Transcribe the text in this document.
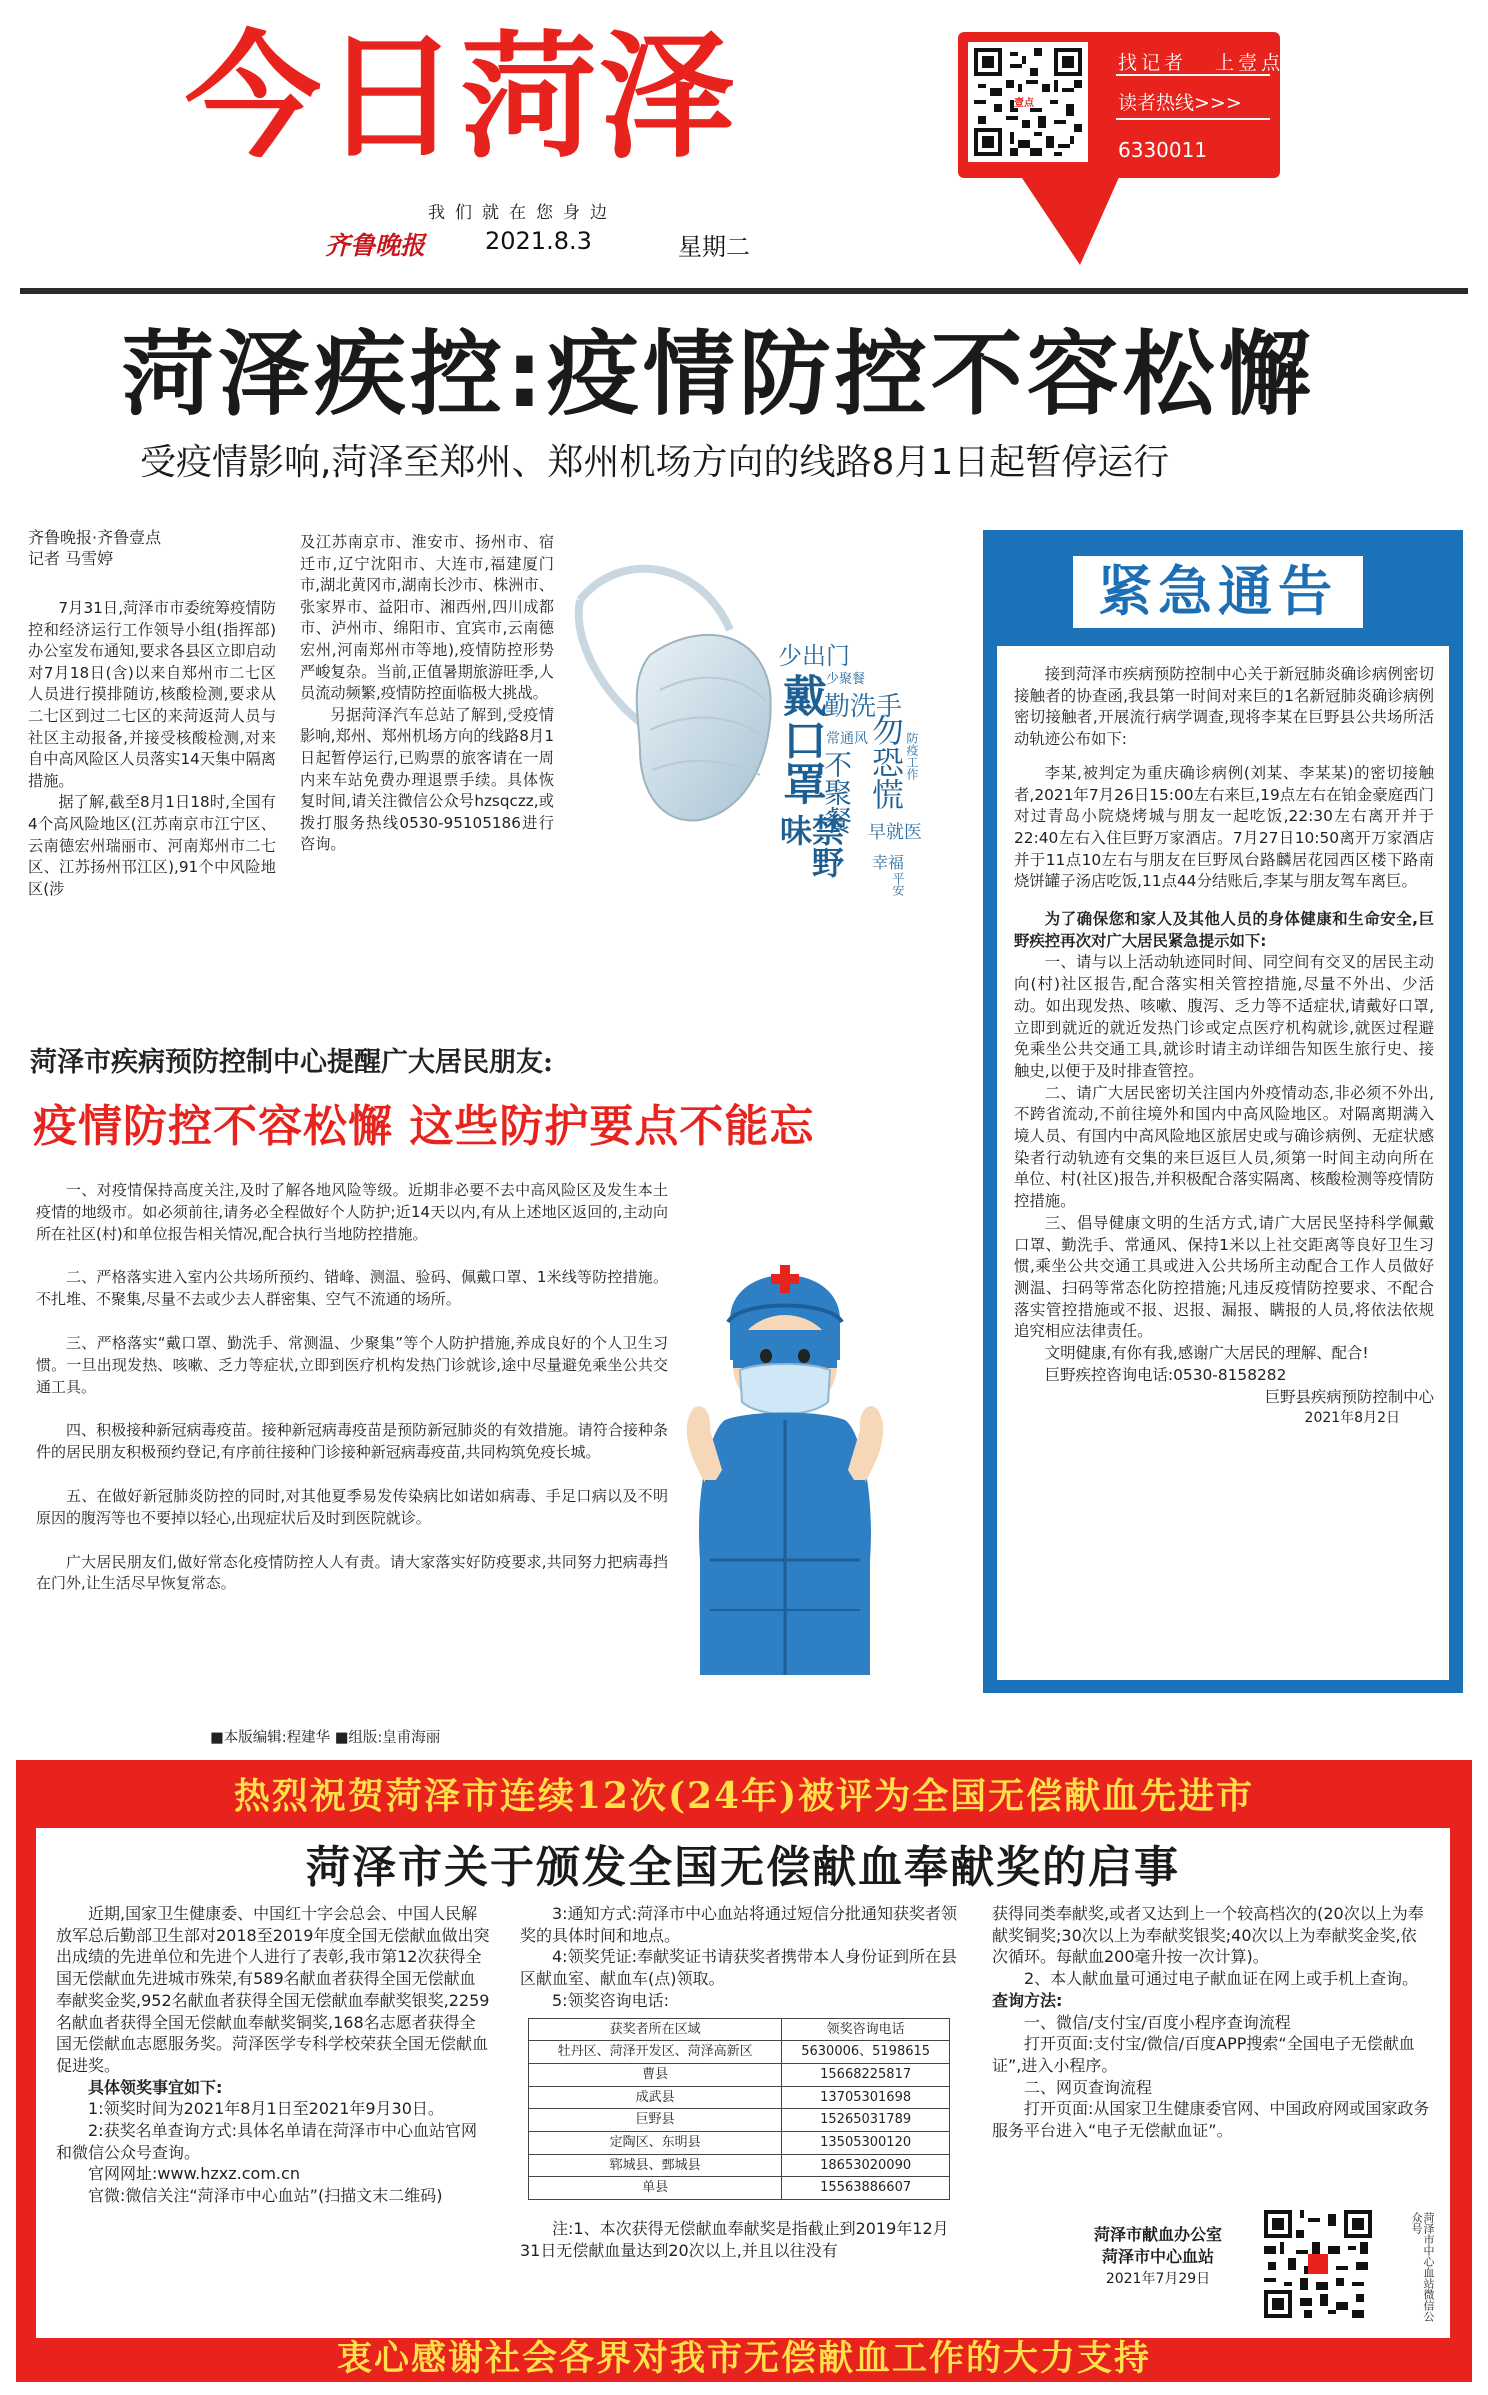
今日菏泽	壹点
找记者 上壹点
读者热线>>>
6330011
我们就在您身边
齐鲁晚报 2021.8.3	星期二
菏泽疾控:疫情防控不容松懈
受疫情影响,菏泽至郑州、郑州机场方向的线路8月1日起暂停运行
齐鲁晚报·齐鲁壹点
记者 马雪婷

7月31日,菏泽市市委统筹疫情防控和经济运行工作领导小组(指挥部)办公室发布通知,要求各县区立即启动对7月18日(含)以来自郑州市二七区人员进行摸排随访,核酸检测,要求从二七区到过二七区的来菏返菏人员与社区主动报备,并接受核酸检测,对来自中高风险区人员落实14天集中隔离措施。

据了解,截至8月1日18时,全国有4个高风险地区(江苏南京市江宁区、云南德宏州瑞丽市、河南郑州市二七区、江苏扬州邗江区),91个中风险地区(涉

及江苏南京市、淮安市、扬州市、宿迁市,辽宁沈阳市、大连市,福建厦门市,湖北黄冈市,湖南长沙市、株洲市、张家界市、益阳市、湘西州,四川成都市、泸州市、绵阳市、宜宾市,云南德宏州,河南郑州市等地),疫情防控形势严峻复杂。当前,正值暑期旅游旺季,人员流动频繁,疫情防控面临极大挑战。

另据菏泽汽车总站了解到,受疫情影响,郑州、郑州机场方向的线路8月1日起暂停运行,已购票的旅客请在一周内来车站免费办理退票手续。具体恢复时间,请关注微信公众号hzsqczz,或拨打服务热线0530-95105186进行咨询。

少出门
戴口罩
勤洗手
少聚餐
常通风 勿恐慌
不聚餐
禁野味
防疫工作
早就医
平安
幸福
紧急通告

接到菏泽市疾病预防控制中心关于新冠肺炎确诊病例密切接触者的协查函,我县第一时间对来巨的1名新冠肺炎确诊病例密切接触者,开展流行病学调查,现将李某在巨野县公共场所活动轨迹公布如下:

李某,被判定为重庆确诊病例(刘某、李某某)的密切接触者,2021年7月26日15:00左右来巨,19点左右在铂金豪庭西门对过青岛小院烧烤城与朋友一起吃饭,22:30左右离开并于22:40左右入住巨野万家酒店。7月27日10:50离开万家酒店并于11点10左右与朋友在巨野凤台路麟居花园西区楼下路南烧饼罐子汤店吃饭,11点44分结账后,李某与朋友驾车离巨。

为了确保您和家人及其他人员的身体健康和生命安全,巨野疾控再次对广大居民紧急提示如下:

一、请与以上活动轨迹同时间、同空间有交叉的居民主动向(村)社区报告,配合落实相关管控措施,尽量不外出、少活动。如出现发热、咳嗽、腹泻、乏力等不适症状,请戴好口罩,立即到就近的就近发热门诊或定点医疗机构就诊,就医过程避免乘坐公共交通工具,就诊时请主动详细告知医生旅行史、接触史,以便于及时排查管控。

二、请广大居民密切关注国内外疫情动态,非必须不外出,不跨省流动,不前往境外和国内中高风险地区。对隔离期满入境人员、有国内中高风险地区旅居史或与确诊病例、无症状感染者行动轨迹有交集的来巨返巨人员,须第一时间主动向所在单位、村(社区)报告,并积极配合落实隔离、核酸检测等疫情防控措施。

三、倡导健康文明的生活方式,请广大居民坚持科学佩戴口罩、勤洗手、常通风、保持1米以上社交距离等良好卫生习惯,乘坐公共交通工具或进入公共场所主动配合工作人员做好测温、扫码等常态化防控措施;凡违反疫情防控要求、不配合落实管控措施或不报、迟报、漏报、瞒报的人员,将依法依规追究相应法律责任。

文明健康,有你有我,感谢广大居民的理解、配合!

巨野疾控咨询电话:0530-8158282

巨野县疾病预防控制中心

2021年8月2日

菏泽市疾病预防控制中心提醒广大居民朋友:
疫情防控不容松懈 这些防护要点不能忘

一、对疫情保持高度关注,及时了解各地风险等级。近期非必要不去中高风险区及发生本土疫情的地级市。如必须前往,请务必全程做好个人防护;近14天以内,有从上述地区返回的,主动向所在社区(村)和单位报告相关情况,配合执行当地防控措施。

二、严格落实进入室内公共场所预约、错峰、测温、验码、佩戴口罩、1米线等防控措施。不扎堆、不聚集,尽量不去或少去人群密集、空气不流通的场所。

三、严格落实“戴口罩、勤洗手、常测温、少聚集”等个人防护措施,养成良好的个人卫生习惯。一旦出现发热、咳嗽、乏力等症状,立即到医疗机构发热门诊就诊,途中尽量避免乘坐公共交通工具。

四、积极接种新冠病毒疫苗。接种新冠病毒疫苗是预防新冠肺炎的有效措施。请符合接种条件的居民朋友积极预约登记,有序前往接种门诊接种新冠病毒疫苗,共同构筑免疫长城。

五、在做好新冠肺炎防控的同时,对其他夏季易发传染病比如诺如病毒、手足口病以及不明原因的腹泻等也不要掉以轻心,出现症状后及时到医院就诊。

广大居民朋友们,做好常态化疫情防控人人有责。请大家落实好防疫要求,共同努力把病毒挡在门外,让生活尽早恢复常态。

■本版编辑:程建华 ■组版:皇甫海丽
热烈祝贺菏泽市连续12次(24年)被评为全国无偿献血先进市
菏泽市关于颁发全国无偿献血奉献奖的启事

近期,国家卫生健康委、中国红十字会总会、中国人民解放军总后勤部卫生部对2018至2019年度全国无偿献血做出突出成绩的先进单位和先进个人进行了表彰,我市第12次获得全国无偿献血先进城市殊荣,有589名献血者获得全国无偿献血奉献奖金奖,952名献血者获得全国无偿献血奉献奖银奖,2259名献血者获得全国无偿献血奉献奖铜奖,168名志愿者获得全国无偿献血志愿服务奖。菏泽医学专科学校荣获全国无偿献血促进奖。

具体领奖事宜如下:

1:领奖时间为2021年8月1日至2021年9月30日。

2:获奖名单查询方式:具体名单请在菏泽市中心血站官网和微信公众号查询。

官网网址:www.hzxz.com.cn

官微:微信关注“菏泽市中心血站”(扫描文末二维码)

3:通知方式:菏泽市中心血站将通过短信分批通知获奖者领奖的具体时间和地点。

4:领奖凭证:奉献奖证书请获奖者携带本人身份证到所在县区献血室、献血车(点)领取。

5:领奖咨询电话:

获奖者所在区域	领奖咨询电话
牡丹区、菏泽开发区、菏泽高新区	5630006、5198615
曹县	15668225817
成武县	13705301698
巨野县	15265031789
定陶区、东明县	13505300120
郓城县、鄄城县	18653020090
单县	15563886607

注:1、本次获得无偿献血奉献奖是指截止到2019年12月31日无偿献血量达到20次以上,并且以往没有

获得同类奉献奖,或者又达到上一个较高档次的(20次以上为奉献奖铜奖;30次以上为奉献奖银奖;40次以上为奉献奖金奖,依次循环。每献血200毫升按一次计算)。

2、本人献血量可通过电子献血证在网上或手机上查询。

查询方法:

一、微信/支付宝/百度小程序查询流程

打开页面:支付宝/微信/百度APP搜索“全国电子无偿献血证”,进入小程序。

二、网页查询流程

打开页面:从国家卫生健康委官网、中国政府网或国家政务服务平台进入“电子无偿献血证”。

菏泽市献血办公室
菏泽市中心血站
2021年7月29日	菏泽市中心血站微信公众号
衷心感谢社会各界对我市无偿献血工作的大力支持
